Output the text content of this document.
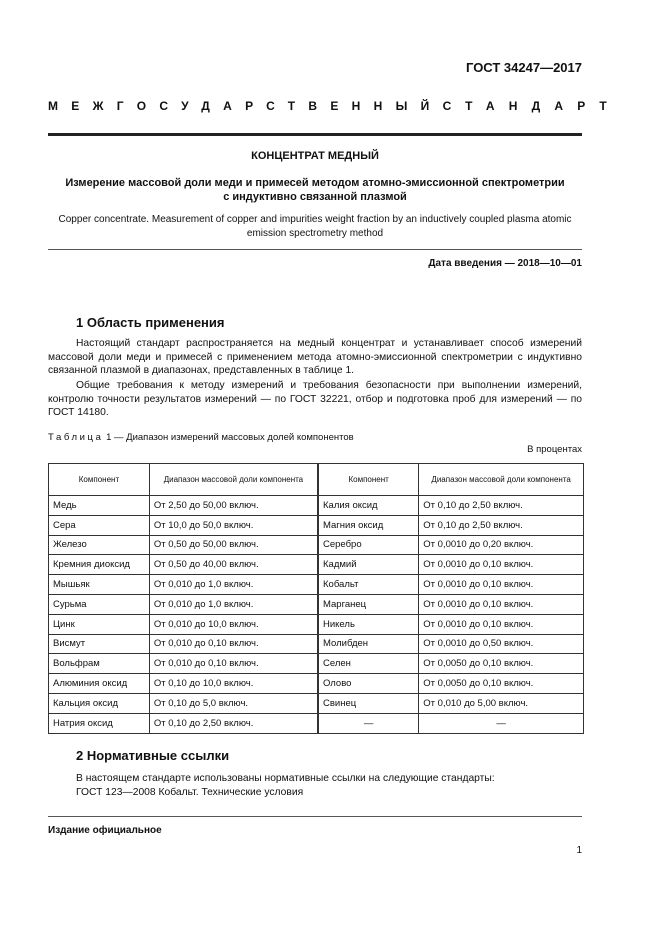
ГОСТ 34247—2017
МЕЖГОСУДАРСТВЕННЫЙ СТАНДАРТ
КОНЦЕНТРАТ МЕДНЫЙ
Измерение массовой доли меди и примесей методом атомно-эмиссионной спектрометрии
с индуктивно связанной плазмой
Copper concentrate. Measurement of copper and impurities weight fraction by an inductively coupled plasma atomic
emission spectrometry method
Дата введения — 2018—10—01
1 Область применения
Настоящий стандарт распространяется на медный концентрат и устанавливает способ измерений массовой доли меди и примесей с применением метода атомно-эмиссионной спектрометрии с индуктивно связанной плазмой в диапазонах, представленных в таблице 1.
Общие требования к методу измерений и требования безопасности при выполнении измерений, контролю точности результатов измерений — по ГОСТ 32221, отбор и подготовка проб для измерений — по ГОСТ 14180.
Таблица 1 — Диапазон измерений массовых долей компонентов
В процентах
Компонент	Диапазон массовой доли компонента	Компонент	Диапазон массовой доли компонента
Медь	От 2,50 до 50,00 включ.	Калия оксид	От 0,10 до 2,50 включ.
Сера	От 10,0 до 50,0 включ.	Магния оксид	От 0,10 до 2,50 включ.
Железо	От 0,50 до 50,00 включ.	Серебро	От 0,0010 до 0,20 включ.
Кремния диоксид	От 0,50 до 40,00 включ.	Кадмий	От 0,0010 до 0,10 включ.
Мышьяк	От 0,010 до 1,0 включ.	Кобальт	От 0,0010 до 0,10 включ.
Сурьма	От 0,010 до 1,0 включ.	Марганец	От 0,0010 до 0,10 включ.
Цинк	От 0,010 до 10,0 включ.	Никель	От 0,0010 до 0,10 включ.
Висмут	От 0,010 до 0,10 включ.	Молибден	От 0,0010 до 0,50 включ.
Вольфрам	От 0,010 до 0,10 включ.	Селен	От 0,0050 до 0,10 включ.
Алюминия оксид	От 0,10 до 10,0 включ.	Олово	От 0,0050 до 0,10 включ.
Кальция оксид	От 0,10 до 5,0 включ.	Свинец	От 0,010 до 5,00 включ.
Натрия оксид	От 0,10 до 2,50 включ.	—	—
2 Нормативные ссылки
В настоящем стандарте использованы нормативные ссылки на следующие стандарты:
ГОСТ 123—2008 Кобальт. Технические условия
Издание официальное
1
